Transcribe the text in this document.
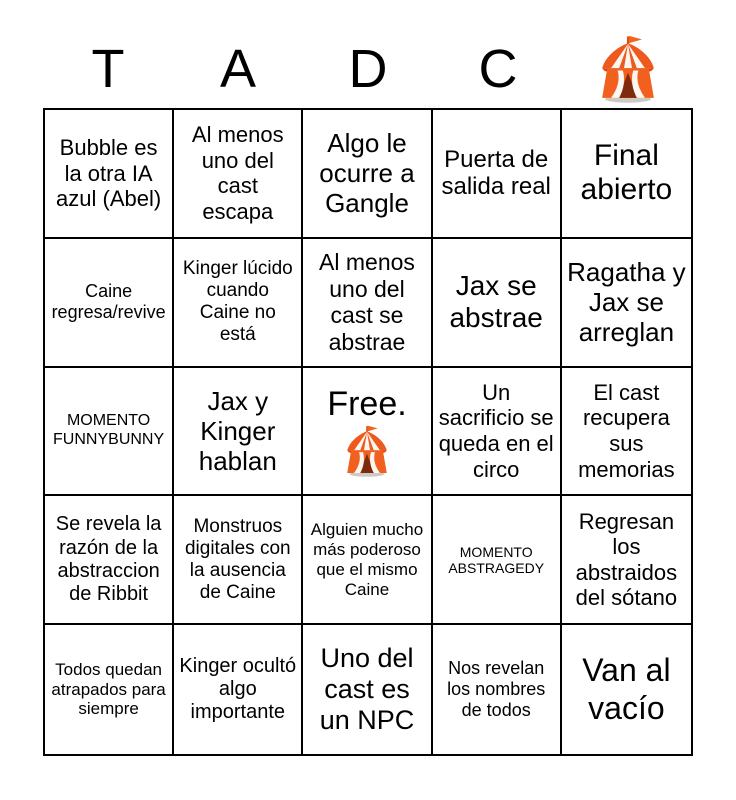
T A D C
Bubble es la otra IA azul (Abel)
Al menos uno del cast escapa
Algo le ocurre a Gangle
Puerta de salida real
Final abierto
Caine regresa/revive
Kinger lúcido cuando Caine no está
Al menos uno del cast se abstrae
Jax se abstrae
Ragatha y Jax se arreglan
MOMENTO FUNNYBUNNY
Jax y Kinger hablan
Free.	Un sacrificio se queda en el circo
El cast recupera sus memorias
Se revela la razón de la abstraccion de Ribbit
Monstruos digitales con la ausencia de Caine
Alguien mucho más poderoso que el mismo Caine
MOMENTO ABSTRAGEDY
Regresan los abstraidos del sótano
Todos quedan atrapados para siempre
Kinger ocultó algo importante
Uno del cast es un NPC
Nos revelan los nombres de todos
Van al vacío
